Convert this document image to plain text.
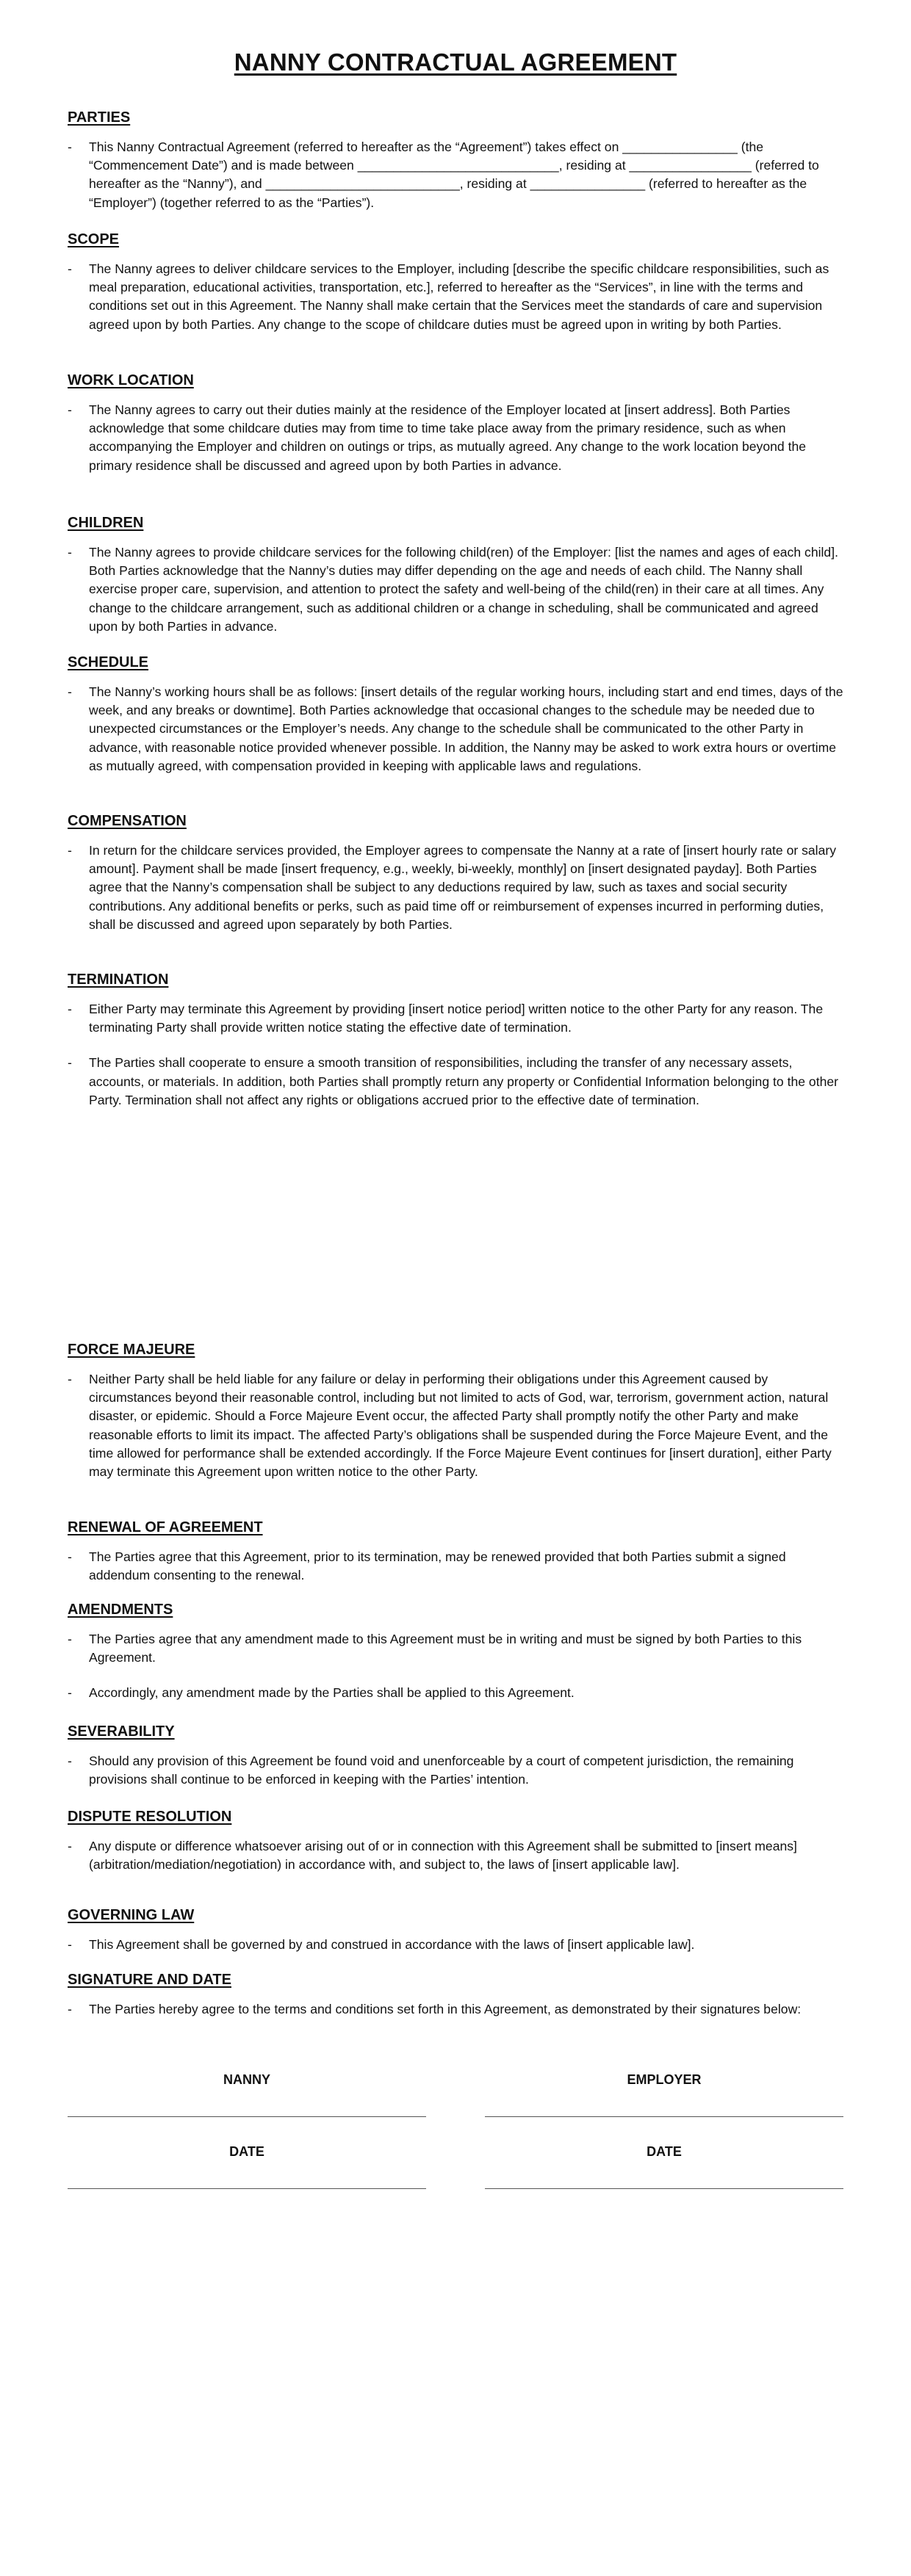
NANNY CONTRACTUAL AGREEMENT
PARTIES
- This Nanny Contractual Agreement (referred to hereafter as the “Agreement”) takes effect on ________________ (the “Commencement Date”) and is made between ____________________________, residing at _________________ (referred to hereafter as the “Nanny”), and ___________________________, residing at ________________ (referred to hereafter as the “Employer”) (together referred to as the “Parties”).
SCOPE
- The Nanny agrees to deliver childcare services to the Employer, including [describe the specific childcare responsibilities, such as meal preparation, educational activities, transportation, etc.], referred to hereafter as the “Services”, in line with the terms and conditions set out in this Agreement. The Nanny shall make certain that the Services meet the standards of care and supervision agreed upon by both Parties. Any change to the scope of childcare duties must be agreed upon in writing by both Parties.
WORK LOCATION
- The Nanny agrees to carry out their duties mainly at the residence of the Employer located at [insert address]. Both Parties acknowledge that some childcare duties may from time to time take place away from the primary residence, such as when accompanying the Employer and children on outings or trips, as mutually agreed. Any change to the work location beyond the primary residence shall be discussed and agreed upon by both Parties in advance.
CHILDREN
- The Nanny agrees to provide childcare services for the following child(ren) of the Employer: [list the names and ages of each child]. Both Parties acknowledge that the Nanny’s duties may differ depending on the age and needs of each child. The Nanny shall exercise proper care, supervision, and attention to protect the safety and well-being of the child(ren) in their care at all times. Any change to the childcare arrangement, such as additional children or a change in scheduling, shall be communicated and agreed upon by both Parties in advance.
SCHEDULE
- The Nanny’s working hours shall be as follows: [insert details of the regular working hours, including start and end times, days of the week, and any breaks or downtime]. Both Parties acknowledge that occasional changes to the schedule may be needed due to unexpected circumstances or the Employer’s needs. Any change to the schedule shall be communicated to the other Party in advance, with reasonable notice provided whenever possible. In addition, the Nanny may be asked to work extra hours or overtime as mutually agreed, with compensation provided in keeping with applicable laws and regulations.
COMPENSATION
- In return for the childcare services provided, the Employer agrees to compensate the Nanny at a rate of [insert hourly rate or salary amount]. Payment shall be made [insert frequency, e.g., weekly, bi-weekly, monthly] on [insert designated payday]. Both Parties agree that the Nanny’s compensation shall be subject to any deductions required by law, such as taxes and social security contributions. Any additional benefits or perks, such as paid time off or reimbursement of expenses incurred in performing duties, shall be discussed and agreed upon separately by both Parties.
TERMINATION
- Either Party may terminate this Agreement by providing [insert notice period] written notice to the other Party for any reason. The terminating Party shall provide written notice stating the effective date of termination.
- The Parties shall cooperate to ensure a smooth transition of responsibilities, including the transfer of any necessary assets, accounts, or materials. In addition, both Parties shall promptly return any property or Confidential Information belonging to the other Party. Termination shall not affect any rights or obligations accrued prior to the effective date of termination.
FORCE MAJEURE
- Neither Party shall be held liable for any failure or delay in performing their obligations under this Agreement caused by circumstances beyond their reasonable control, including but not limited to acts of God, war, terrorism, government action, natural disaster, or epidemic. Should a Force Majeure Event occur, the affected Party shall promptly notify the other Party and make reasonable efforts to limit its impact. The affected Party’s obligations shall be suspended during the Force Majeure Event, and the time allowed for performance shall be extended accordingly. If the Force Majeure Event continues for [insert duration], either Party may terminate this Agreement upon written notice to the other Party.
RENEWAL OF AGREEMENT
- The Parties agree that this Agreement, prior to its termination, may be renewed provided that both Parties submit a signed addendum consenting to the renewal.
AMENDMENTS
- The Parties agree that any amendment made to this Agreement must be in writing and must be signed by both Parties to this Agreement.
- Accordingly, any amendment made by the Parties shall be applied to this Agreement.
SEVERABILITY
- Should any provision of this Agreement be found void and unenforceable by a court of competent jurisdiction, the remaining provisions shall continue to be enforced in keeping with the Parties’ intention.
DISPUTE RESOLUTION
- Any dispute or difference whatsoever arising out of or in connection with this Agreement shall be submitted to [insert means] (arbitration/mediation/negotiation) in accordance with, and subject to, the laws of [insert applicable law].
GOVERNING LAW
- This Agreement shall be governed by and construed in accordance with the laws of [insert applicable law].
SIGNATURE AND DATE
- The Parties hereby agree to the terms and conditions set forth in this Agreement, as demonstrated by their signatures below:
NANNY	EMPLOYER
DATE	DATE
